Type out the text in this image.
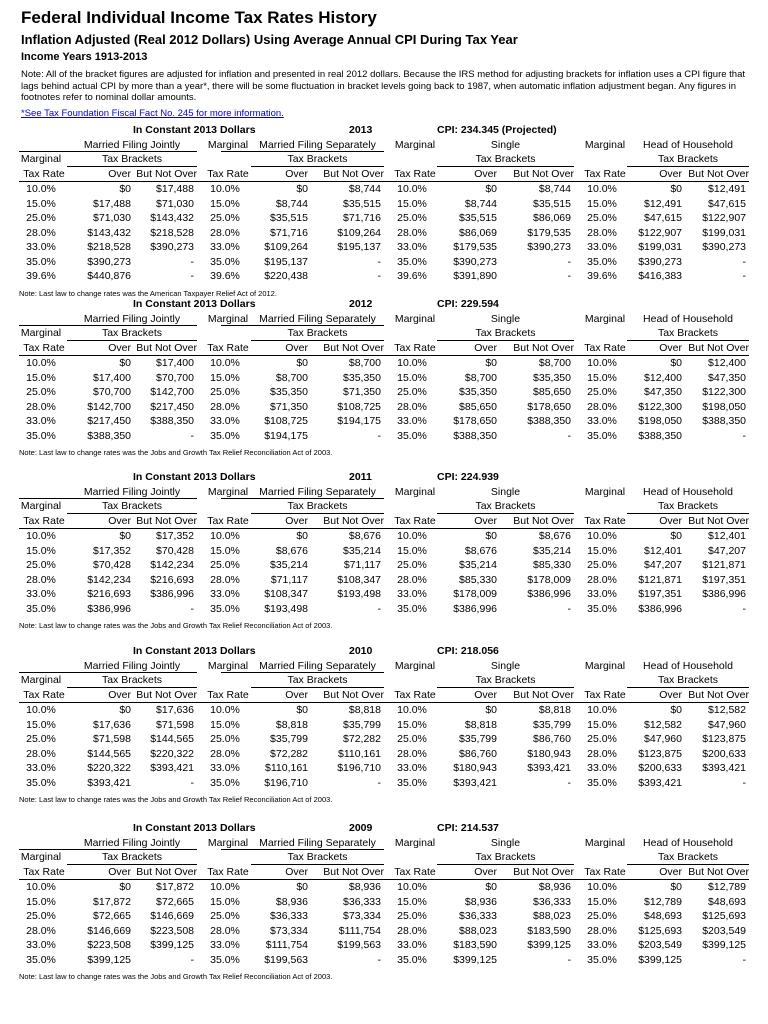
Federal Individual Income Tax Rates History
Inflation Adjusted (Real 2012 Dollars) Using Average Annual CPI During Tax Year
Income Years 1913-2013
Note: All of the bracket figures are adjusted for inflation and presented in real 2012 dollars. Because the IRS method for adjusting brackets for inflation uses a CPI figure that lags behind actual CPI by more than a year*, there will be some fluctuation in bracket levels going back to 1987, when automatic inflation adjustment began. Any figures in footnotes refer to nominal dollar amounts.
*See Tax Foundation Fiscal Fact No. 245 for more information.
In Constant 2013 Dollars	2013	CPI: 234.345 (Projected)
Married Filing Jointly	Married Filing Separately
Marginal	Single
Marginal	Head of Household
Marginal
Marginal	Tax Brackets	Tax Brackets	Tax Brackets	Tax Brackets
Tax Rate	Over But Not Over Tax Rate	Over	But Not Over Tax Rate	Over	But Not Over Tax Rate	Over But Not Over
10.0%	$0	$17,488	10.0%	$0	$8,744	10.0%	$0	$8,744	10.0%	$0	$12,491
15.0%	$17,488	$71,030	15.0%	$8,744	$35,515	15.0%	$8,744	$35,515	15.0%	$12,491	$47,615
25.0%	$71,030	$143,432	25.0%	$35,515	$71,716	25.0%	$35,515	$86,069	25.0%	$47,615	$122,907
28.0%	$143,432	$218,528	28.0%	$71,716	$109,264	28.0%	$86,069	$179,535	28.0%	$122,907	$199,031
33.0%	$218,528	$390,273	33.0%	$109,264	$195,137	33.0%	$179,535	$390,273	33.0%	$199,031	$390,273
35.0%	$390,273	-	35.0%	$195,137	-	35.0%	$390,273	-	35.0%	$390,273	-
39.6%	$440,876	-	39.6%	$220,438	-	39.6%	$391,890	-	39.6%	$416,383	-
Note: Last law to change rates was the American Taxpayer Relief Act of 2012.
In Constant 2013 Dollars	2012	CPI: 229.594
Married Filing Jointly	Married Filing Separately
Marginal	Single
Marginal	Head of Household
Marginal
Marginal	Tax Brackets	Tax Brackets	Tax Brackets	Tax Brackets
Tax Rate	Over But Not Over Tax Rate	Over	But Not Over Tax Rate	Over	But Not Over Tax Rate	Over But Not Over
10.0%	$0	$17,400	10.0%	$0	$8,700	10.0%	$0	$8,700	10.0%	$0	$12,400
15.0%	$17,400	$70,700	15.0%	$8,700	$35,350	15.0%	$8,700	$35,350	15.0%	$12,400	$47,350
25.0%	$70,700	$142,700	25.0%	$35,350	$71,350	25.0%	$35,350	$85,650	25.0%	$47,350	$122,300
28.0%	$142,700	$217,450	28.0%	$71,350	$108,725	28.0%	$85,650	$178,650	28.0%	$122,300	$198,050
33.0%	$217,450	$388,350	33.0%	$108,725	$194,175	33.0%	$178,650	$388,350	33.0%	$198,050	$388,350
35.0%	$388,350	-	35.0%	$194,175	-	35.0%	$388,350	-	35.0%	$388,350	-
Note: Last law to change rates was the Jobs and Growth Tax Relief Reconciliation Act of 2003.
In Constant 2013 Dollars	2011	CPI: 224.939
Married Filing Jointly	Married Filing Separately
Marginal	Single
Marginal	Head of Household
Marginal
Marginal	Tax Brackets	Tax Brackets	Tax Brackets	Tax Brackets
Tax Rate	Over But Not Over Tax Rate	Over	But Not Over Tax Rate	Over	But Not Over Tax Rate	Over But Not Over
10.0%	$0	$17,352	10.0%	$0	$8,676	10.0%	$0	$8,676	10.0%	$0	$12,401
15.0%	$17,352	$70,428	15.0%	$8,676	$35,214	15.0%	$8,676	$35,214	15.0%	$12,401	$47,207
25.0%	$70,428	$142,234	25.0%	$35,214	$71,117	25.0%	$35,214	$85,330	25.0%	$47,207	$121,871
28.0%	$142,234	$216,693	28.0%	$71,117	$108,347	28.0%	$85,330	$178,009	28.0%	$121,871	$197,351
33.0%	$216,693	$386,996	33.0%	$108,347	$193,498	33.0%	$178,009	$386,996	33.0%	$197,351	$386,996
35.0%	$386,996	-	35.0%	$193,498	-	35.0%	$386,996	-	35.0%	$386,996	-
Note: Last law to change rates was the Jobs and Growth Tax Relief Reconciliation Act of 2003.
In Constant 2013 Dollars	2010	CPI: 218.056
Married Filing Jointly	Married Filing Separately
Marginal	Single
Marginal	Head of Household
Marginal
Marginal	Tax Brackets	Tax Brackets	Tax Brackets	Tax Brackets
Tax Rate	Over But Not Over Tax Rate	Over	But Not Over Tax Rate	Over	But Not Over Tax Rate	Over But Not Over
10.0%	$0	$17,636	10.0%	$0	$8,818	10.0%	$0	$8,818	10.0%	$0	$12,582
15.0%	$17,636	$71,598	15.0%	$8,818	$35,799	15.0%	$8,818	$35,799	15.0%	$12,582	$47,960
25.0%	$71,598	$144,565	25.0%	$35,799	$72,282	25.0%	$35,799	$86,760	25.0%	$47,960	$123,875
28.0%	$144,565	$220,322	28.0%	$72,282	$110,161	28.0%	$86,760	$180,943	28.0%	$123,875	$200,633
33.0%	$220,322	$393,421	33.0%	$110,161	$196,710	33.0%	$180,943	$393,421	33.0%	$200,633	$393,421
35.0%	$393,421	-	35.0%	$196,710	-	35.0%	$393,421	-	35.0%	$393,421	-
Note: Last law to change rates was the Jobs and Growth Tax Relief Reconciliation Act of 2003.
In Constant 2013 Dollars	2009	CPI: 214.537
Married Filing Jointly	Married Filing Separately
Marginal	Single
Marginal	Head of Household
Marginal
Marginal	Tax Brackets	Tax Brackets	Tax Brackets	Tax Brackets
Tax Rate	Over But Not Over Tax Rate	Over	But Not Over Tax Rate	Over	But Not Over Tax Rate	Over But Not Over
10.0%	$0	$17,872	10.0%	$0	$8,936	10.0%	$0	$8,936	10.0%	$0	$12,789
15.0%	$17,872	$72,665	15.0%	$8,936	$36,333	15.0%	$8,936	$36,333	15.0%	$12,789	$48,693
25.0%	$72,665	$146,669	25.0%	$36,333	$73,334	25.0%	$36,333	$88,023	25.0%	$48,693	$125,693
28.0%	$146,669	$223,508	28.0%	$73,334	$111,754	28.0%	$88,023	$183,590	28.0%	$125,693	$203,549
33.0%	$223,508	$399,125	33.0%	$111,754	$199,563	33.0%	$183,590	$399,125	33.0%	$203,549	$399,125
35.0%	$399,125	-	35.0%	$199,563	-	35.0%	$399,125	-	35.0%	$399,125	-
Note: Last law to change rates was the Jobs and Growth Tax Relief Reconciliation Act of 2003.
